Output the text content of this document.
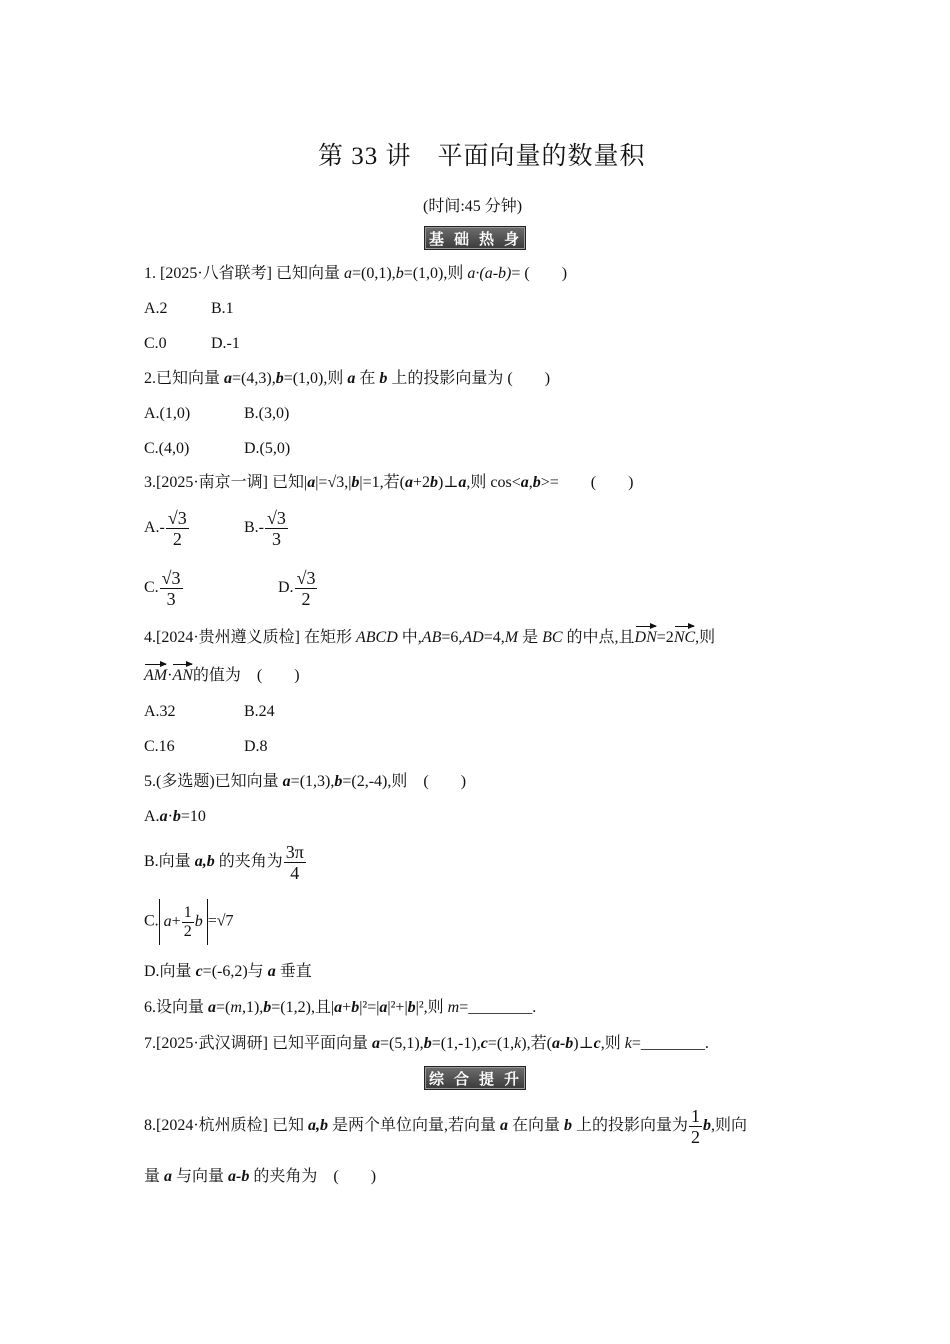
第 33 讲　平面向量的数量积
(时间:45 分钟)
基 础 热 身
1. [2025·八省联考] 已知向量 a=(0,1),b=(1,0),则 a·(a-b)= (　　)
A.2	B.1
C.0	D.-1
2.已知向量 a=(4,3),b=(1,0),则 a 在 b 上的投影向量为 (　　)
A.(1,0)	B.(3,0)
C.(4,0)	D.(5,0)
3.[2025·南京一调] 已知|a|=√3,|b|=1,若(a+2b)⊥a,则 cos<a,b>=　　(　　)
$A.- \frac{√3}{2}$	$B.- \frac{√3}{3}$
C. $\frac{√3}{3}$	D. $\frac{√3}{2}$
4.[2024·贵州遵义质检] 在矩形 ABCD 中,AB=6,AD=4,M 是 BC 的中点,且DN=2NC,则
AM·AN的值为　(　　)
A.32	B.24
C.16	D.8
5.(多选题)已知向量 a=(1,3),b=(2,-4),则　(　　)
A.a·b=10
B.向量 a,b 的夹角为 $\frac{3\pi}{4}$
C. $a+ \frac{1}{2}$ b =√7
D.向量 c=(-6,2)与 a 垂直
6.设向量 a=(m,1),b=(1,2),且|a+b|²=|a|²+|b|²,则 m=________.
7.[2025·武汉调研] 已知平面向量 a=(5,1),b=(1,-1),c=(1,k),若(a-b)⊥c,则 k=________.
综 合 提 升
8.[2024·杭州质检] 已知 a,b 是两个单位向量,若向量 a 在向量 b 上的投影向量为 $\frac{1}{2} b$,则向
量 a 与向量 a-b 的夹角为　(　　)
